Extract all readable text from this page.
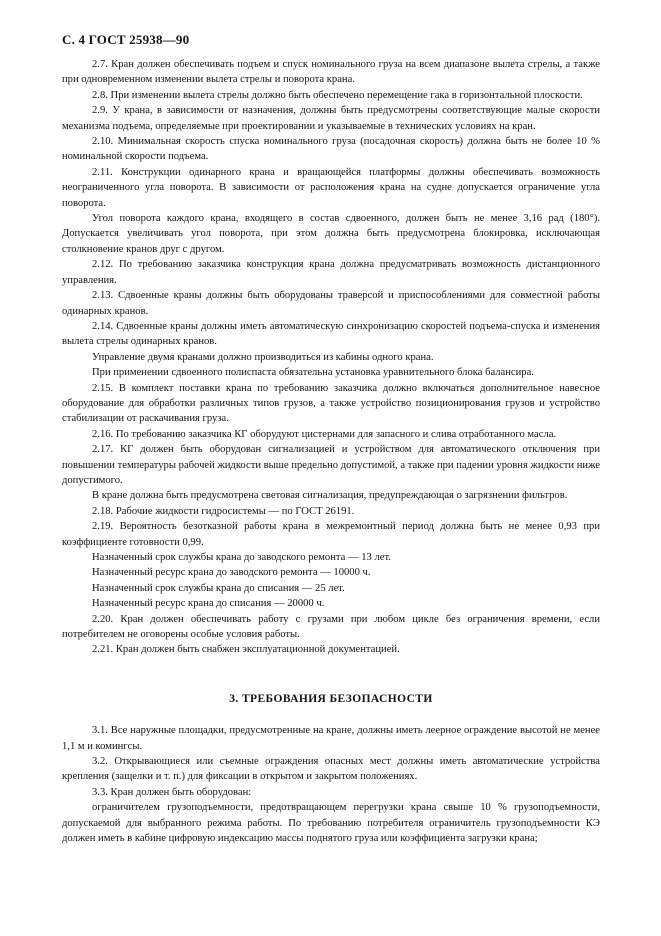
С. 4 ГОСТ 25938—90

2.7. Кран должен обеспечивать подъем и спуск номинального груза на всем диапазоне вылета стрелы, а также при одновременном изменении вылета стрелы и поворота крана.

2.8. При изменении вылета стрелы должно быть обеспечено перемещение гака в горизонтальной плоскости.

2.9. У крана, в зависимости от назначения, должны быть предусмотрены соответствующие малые скорости механизма подъема, определяемые при проектировании и указываемые в технических условиях на кран.

2.10. Минимальная скорость спуска номинального груза (посадочная скорость) должна быть не более 10 % номинальной скорости подъема.

2.11. Конструкции одинарного крана и вращающейся платформы должны обеспечивать возможность неограниченного угла поворота. В зависимости от расположения крана на судне допускается ограничение угла поворота.

Угол поворота каждого крана, входящего в состав сдвоенного, должен быть не менее 3,16 рад (180°). Допускается увеличивать угол поворота, при этом должна быть предусмотрена блокировка, исключающая столкновение кранов друг с другом.

2.12. По требованию заказчика конструкция крана должна предусматривать возможность дистанционного управления.

2.13. Сдвоенные краны должны быть оборудованы траверсой и приспособлениями для совместной работы одинарных кранов.

2.14. Сдвоенные краны должны иметь автоматическую синхронизацию скоростей подъема-спуска и изменения вылета стрелы одинарных кранов.

Управление двумя кранами должно производиться из кабины одного крана.

При применении сдвоенного полиспаста обязательна установка уравнительного блока балансира.

2.15. В комплект поставки крана по требованию заказчика должно включаться дополнительное навесное оборудование для обработки различных типов грузов, а также устройство позиционирования грузов и устройство стабилизации от раскачивания груза.

2.16. По требованию заказчика КГ оборудуют цистернами для запасного и слива отработанного масла.

2.17. КГ должен быть оборудован сигнализацией и устройством для автоматического отключения при повышении температуры рабочей жидкости выше предельно допустимой, а также при падении уровня жидкости ниже допустимого.

В кране должна быть предусмотрена световая сигнализация, предупреждающая о загрязнении фильтров.

2.18. Рабочие жидкости гидросистемы — по ГОСТ 26191.

2.19. Вероятность безотказной работы крана в межремонтный период должна быть не менее 0,93 при коэффициенте готовности 0,99.

Назначенный срок службы крана до заводского ремонта — 13 лет.

Назначенный ресурс крана до заводского ремонта — 10000 ч.

Назначенный срок службы крана до списания — 25 лет.

Назначенный ресурс крана до списания — 20000 ч.

2.20. Кран должен обеспечивать работу с грузами при любом цикле без ограничения времени, если потребителем не оговорены особые условия работы.

2.21. Кран должен быть снабжен эксплуатационной документацией.

3. ТРЕБОВАНИЯ БЕЗОПАСНОСТИ

3.1. Все наружные площадки, предусмотренные на кране, должны иметь леерное ограждение высотой не менее 1,1 м и комингсы.

3.2. Открывающиеся или съемные ограждения опасных мест должны иметь автоматические устройства крепления (защелки и т. п.) для фиксации в открытом и закрытом положениях.

3.3. Кран должен быть оборудован:

ограничителем грузоподъемности, предотвращающем перегрузки крана свыше 10 % грузоподъемности, допускаемой для выбранного режима работы. По требованию потребителя ограничитель грузоподъемности КЭ должен иметь в кабине цифровую индексацию массы поднятого груза или коэффициента загрузки крана;
